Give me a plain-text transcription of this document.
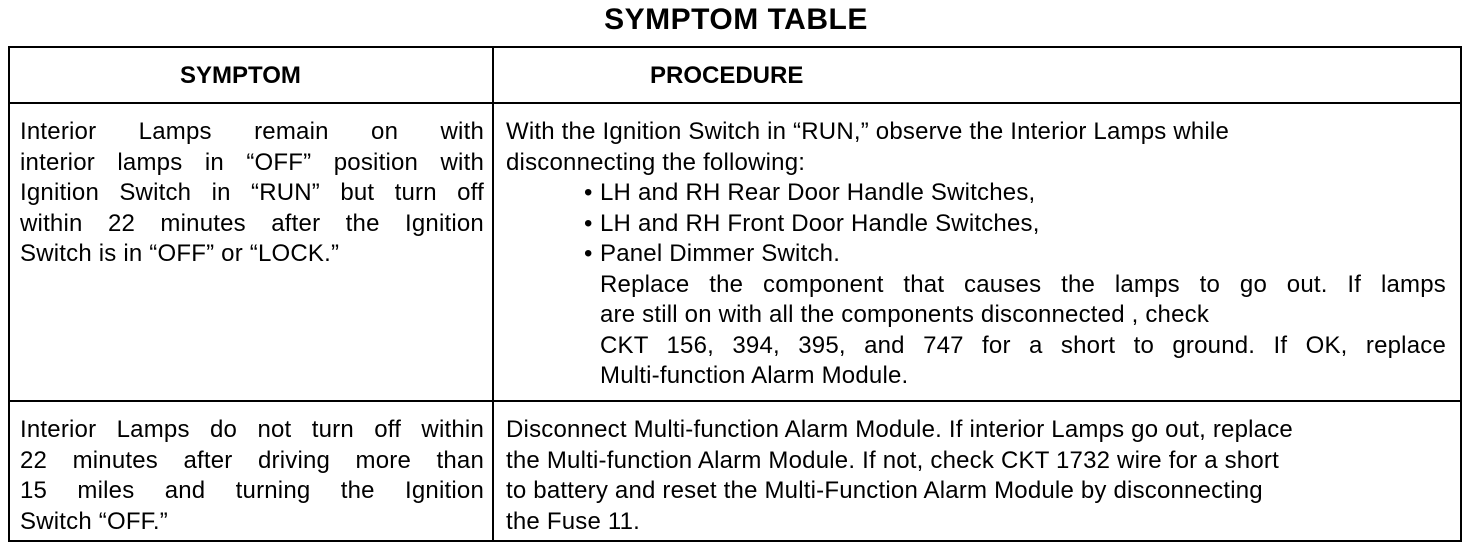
SYMPTOM TABLE
SYMPTOM	PROCEDURE
Interior Lamps remain on with
interior lamps in “OFF” position with
Ignition Switch in “RUN” but turn off
within 22 minutes after the Ignition
Switch is in “OFF” or “LOCK.”
With the Ignition Switch in “RUN,” observe the Interior Lamps while
disconnecting the following:
• LH and RH Rear Door Handle Switches,
• LH and RH Front Door Handle Switches,
• Panel Dimmer Switch.
Replace the component that causes the lamps to go out. If lamps
are still on with all the components disconnected , check
CKT 156, 394, 395, and 747 for a short to ground. If OK, replace
Multi-function Alarm Module.
Interior Lamps do not turn off within
22 minutes after driving more than
15 miles and turning the Ignition
Switch “OFF.”
Disconnect Multi-function Alarm Module. If interior Lamps go out, replace
the Multi-function Alarm Module. If not, check CKT 1732 wire for a short
to battery and reset the Multi-Function Alarm Module by disconnecting
the Fuse 11.
